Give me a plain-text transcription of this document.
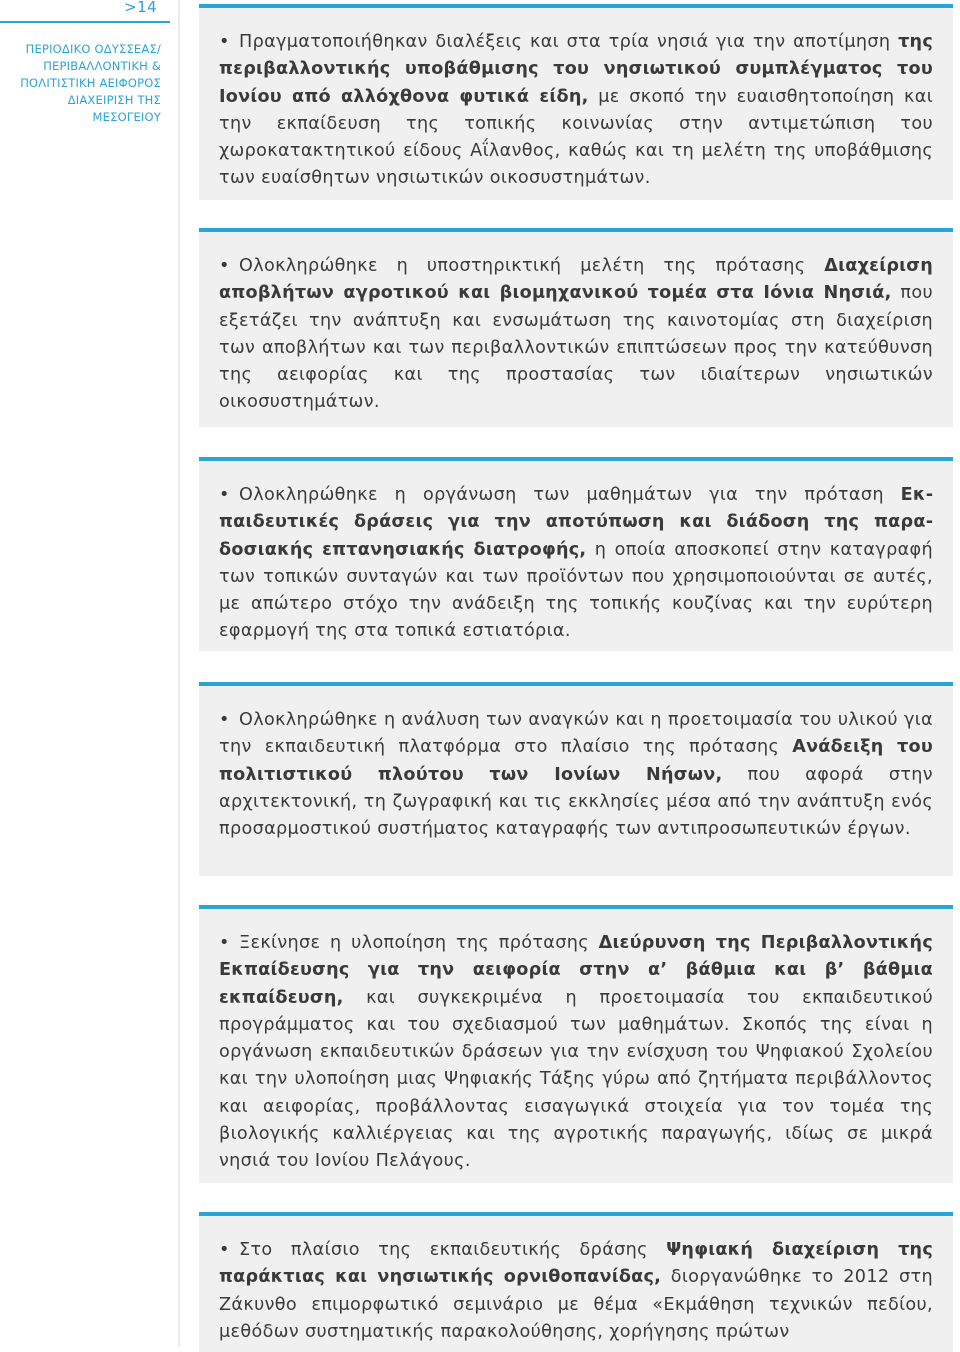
>14
ΠΕΡΙΟΔΙΚΟ ΟΔΥΣΣΕΑΣ/
ΠΕΡΙΒΑΛΛΟΝΤΙΚΗ &
ΠΟΛΙΤΙΣΤΙΚΗ ΑΕΙΦΟΡΟΣ
ΔΙΑΧΕΙΡΙΣΗ ΤΗΣ ΜΕΣΟΓΕΙΟΥ

• Πραγματοποιήθηκαν διαλέξεις και στα τρία νησιά για την αποτίμηση της περιβαλλοντικής υποβάθμισης του νησιωτικού συμπλέγματος του Ιονίου από αλλόχθονα φυτικά είδη, με σκοπό την ευαισθητοποίηση και την εκπαίδευση της τοπικής κοινωνίας στην αντιμετώπιση του χωροκατακτητικού είδους Αΐλανθος, καθώς και τη μελέτη της υποβάθμισης των ευαίσθητων νησιωτικών οικοσυστημάτων.

• Ολοκληρώθηκε η υποστηρικτική μελέτη της πρότασης Διαχείριση αποβλήτων αγροτικού και βιομηχανικού τομέα στα Ιόνια Νησιά, που εξετάζει την ανάπτυξη και ενσωμάτωση της καινοτομίας στη διαχείριση των αποβλήτων και των περιβαλλοντικών επιπτώσεων προς την κατεύθυνση της αειφορίας και της προστασίας των ιδιαίτερων νησιωτικών οικοσυστημάτων.

• Ολοκληρώθηκε η οργάνωση των μαθημάτων για την πρόταση Εκπαιδευτικές δράσεις για την αποτύπωση και διάδοση της παραδοσιακής επτανησιακής διατροφής, η οποία αποσκοπεί στην καταγραφή των τοπικών συνταγών και των προϊόντων που χρησιμοποιούνται σε αυτές, με απώτερο στόχο την ανάδειξη της τοπικής κουζίνας και την ευρύτερη εφαρμογή της στα τοπικά εστιατόρια.

• Ολοκληρώθηκε η ανάλυση των αναγκών και η προετοιμασία του υλικού για την εκπαιδευτική πλατφόρμα στο πλαίσιο της πρότασης Ανάδειξη του πολιτιστικού πλούτου των Ιονίων Νήσων, που αφορά στην αρχιτεκτονική, τη ζωγραφική και τις εκκλησίες μέσα από την ανάπτυξη ενός προσαρμοστικού συστήματος καταγραφής των αντιπροσωπευτικών έργων.

• Ξεκίνησε η υλοποίηση της πρότασης Διεύρυνση της Περιβαλλοντικής Εκπαίδευσης για την αειφορία στην α’ βάθμια και β’ βάθμια εκπαίδευση, και συγκεκριμένα η προετοιμασία του εκπαιδευτικού προγράμματος και του σχεδιασμού των μαθημάτων. Σκοπός της είναι η οργάνωση εκπαιδευτικών δράσεων για την ενίσχυση του Ψηφιακού Σχολείου και την υλοποίηση μιας Ψηφιακής Τάξης γύρω από ζητήματα περιβάλλοντος και αειφορίας, προβάλλοντας εισαγωγικά στοιχεία για τον τομέα της βιολογικής καλλιέργειας και της αγροτικής παραγωγής, ιδίως σε μικρά νησιά του Ιονίου Πελάγους.

• Στο πλαίσιο της εκπαιδευτικής δράσης Ψηφιακή διαχείριση της παράκτιας και νησιωτικής ορνιθοπανίδας, διοργανώθηκε το 2012 στη Ζάκυνθο επιμορφωτικό σεμινάριο με θέμα «Εκμάθηση τεχνικών πεδίου, μεθόδων συστηματικής παρακολούθησης, χορήγησης πρώτων
